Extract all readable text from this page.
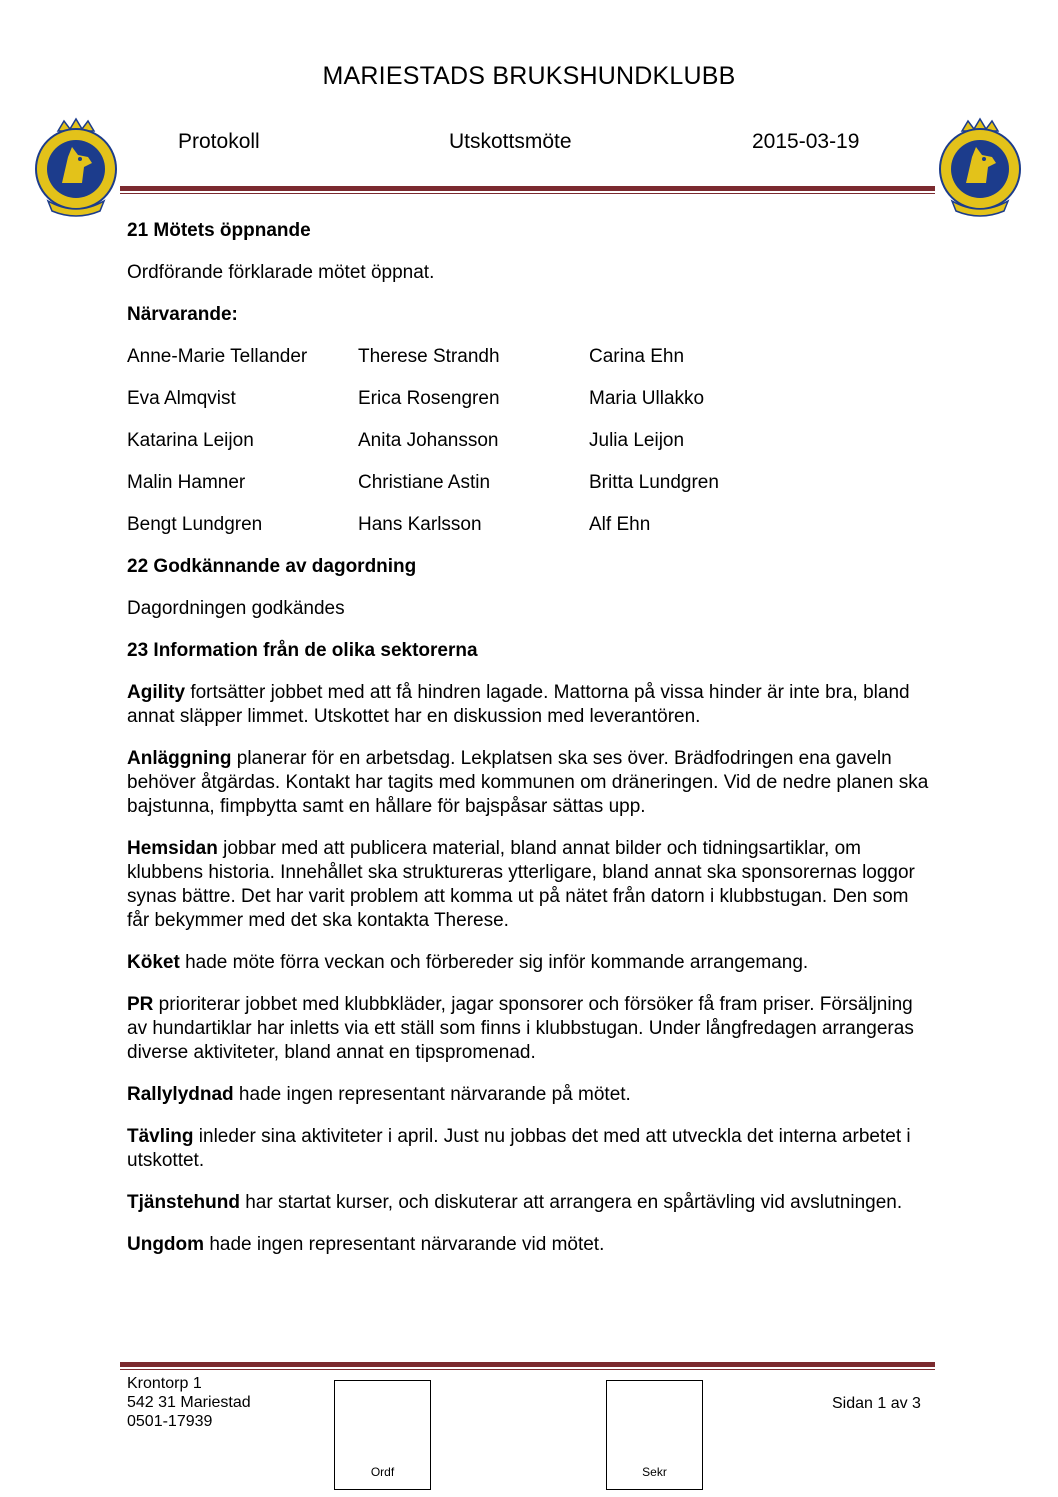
MARIESTADS BRUKSHUNDKLUBB
Protokoll	Utskottsmöte	2015-03-19

21 Mötets öppnande

Ordförande förklarade mötet öppnat.

Närvarande:

Anne-Marie Tellander	Therese Strandh	Carina Ehn
Eva Almqvist	Erica Rosengren	Maria Ullakko
Katarina Leijon	Anita Johansson	Julia Leijon
Malin Hamner	Christiane Astin	Britta Lundgren
Bengt Lundgren	Hans Karlsson	Alf Ehn

22 Godkännande av dagordning

Dagordningen godkändes

23 Information från de olika sektorerna

Agility fortsätter jobbet med att få hindren lagade. Mattorna på vissa hinder är inte bra, bland annat släpper limmet. Utskottet har en diskussion med leverantören.

Anläggning planerar för en arbetsdag. Lekplatsen ska ses över. Brädfodringen ena gaveln behöver åtgärdas. Kontakt har tagits med kommunen om dräneringen. Vid de nedre planen ska bajstunna, fimpbytta samt en hållare för bajspåsar sättas upp.

Hemsidan jobbar med att publicera material, bland annat bilder och tidningsartiklar, om klubbens historia. Innehållet ska struktureras ytterligare, bland annat ska sponsorernas loggor synas bättre. Det har varit problem att komma ut på nätet från datorn i klubbstugan. Den som får bekymmer med det ska kontakta Therese.

Köket hade möte förra veckan och förbereder sig inför kommande arrangemang.

PR prioriterar jobbet med klubbkläder, jagar sponsorer och försöker få fram priser. Försäljning av hundartiklar har inletts via ett ställ som finns i klubbstugan. Under långfredagen arrangeras diverse aktiviteter, bland annat en tipspromenad.

Rallylydnad hade ingen representant närvarande på mötet.

Tävling inleder sina aktiviteter i april. Just nu jobbas det med att utveckla det interna arbetet i utskottet.

Tjänstehund har startat kurser, och diskuterar att arrangera en spårtävling vid avslutningen.

Ungdom hade ingen representant närvarande vid mötet.

Krontorp 1
542 31 Mariestad
0501-17939
Ordf	Sekr
Sidan 1 av 3
